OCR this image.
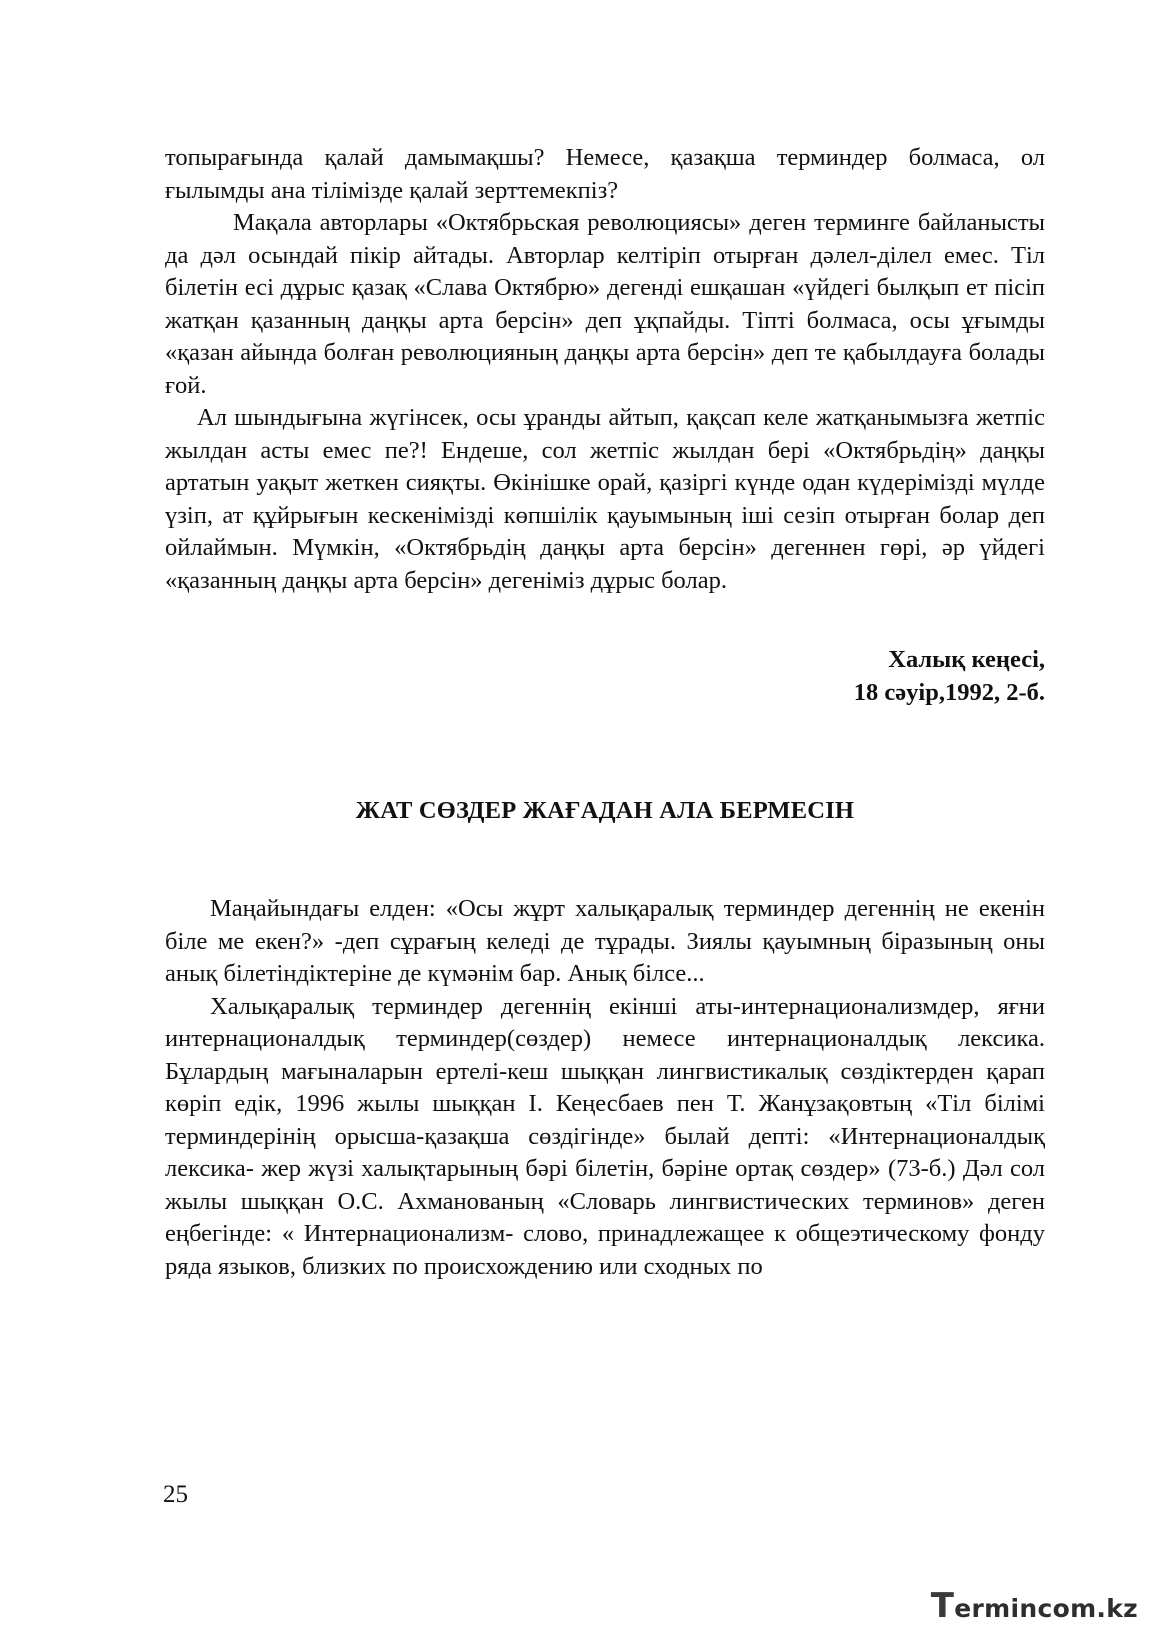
топырағында қалай дамымақшы? Немесе, қазақша терминдер болмаса, ол ғылымды ана тілімізде қалай зерттемекпіз?

Мақала авторлары «Октябрьская революциясы» деген терминге байланысты да дәл осындай пікір айтады. Авторлар келтіріп отырған дәлел-ділел емес. Тіл білетін есі дұрыс қазақ «Слава Октябрю» дегенді ешқашан «үйдегі былқып ет пісіп жатқан қазанның даңқы арта берсін» деп ұқпайды. Тіпті болмаса, осы ұғымды «қазан айында болған революцияның даңқы арта берсін» деп те қабылдауға болады ғой.

Ал шындығына жүгінсек, осы ұранды айтып, қақсап келе жатқанымызға жетпіс жылдан асты емес пе?! Ендеше, сол жетпіс жылдан бері «Октябрьдің» даңқы артатын уақыт жеткен сияқты. Өкінішке орай, қазіргі күнде одан күдерімізді мүлде үзіп, ат құйрығын кескенімізді көпшілік қауымының іші сезіп отырған болар деп ойлаймын. Мүмкін, «Октябрьдің даңқы арта берсін» дегеннен гөрі, әр үйдегі «қазанның даңқы арта берсін» дегеніміз дұрыс болар.

Халық кеңесі,
18 сәуір,1992, 2-б.
ЖАТ СӨЗДЕР ЖАҒАДАН АЛА БЕРМЕСІН

Маңайындағы елден: «Осы жұрт халықаралық терминдер дегеннің не екенін біле ме екен?» -деп сұрағың келеді де тұрады. Зиялы қауымның біразының оны анық білетіндіктеріне де күмәнім бар. Анық білсе...

Халықаралық терминдер дегеннің екінші аты-интернационализмдер, яғни интернационалдық терминдер(сөздер) немесе интернационалдық лексика. Бұлардың мағыналарын ертелі-кеш шыққан лингвистикалық сөздіктерден қарап көріп едік, 1996 жылы шыққан І. Кеңесбаев пен Т. Жанұзақовтың «Тіл білімі терминдерінің орысша-қазақша сөздігінде» былай депті: «Интернационалдық лексика- жер жүзі халықтарының бәрі білетін, бәріне ортақ сөздер» (73-б.) Дәл сол жылы шыққан О.С. Ахманованың «Словарь лингвистических терминов» деген еңбегінде: « Интернационализм- слово, принадлежащее к общеэтическому фонду ряда языков, близких по происхождению или сходных по

25
Termincom.kz
